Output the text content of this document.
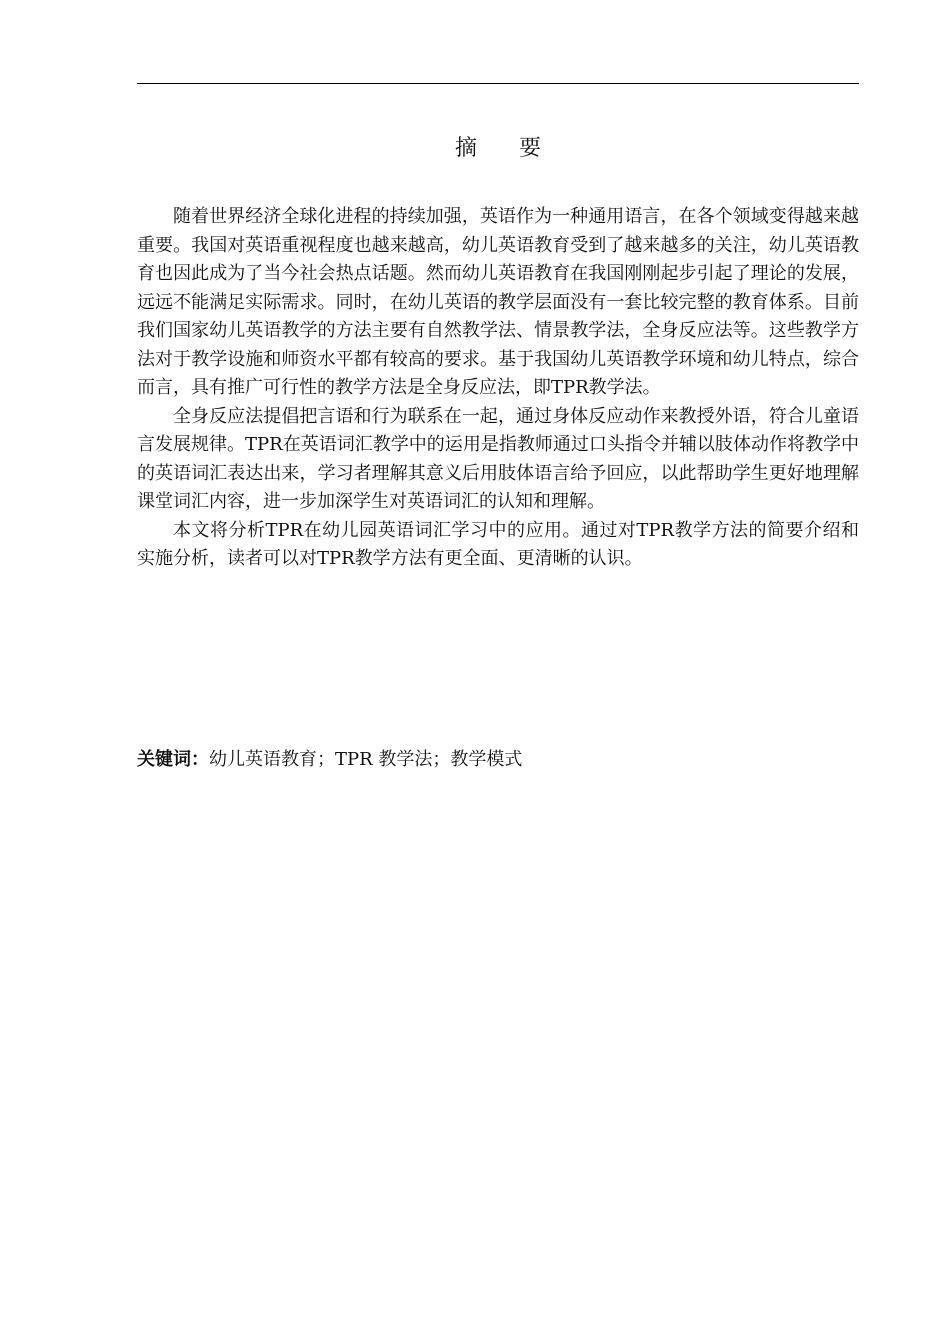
摘要

随着世界经济全球化进程的持续加强，英语作为一种通用语言，在各个领域变得越来越重要。我国对英语重视程度也越来越高，幼儿英语教育受到了越来越多的关注，幼儿英语教育也因此成为了当今社会热点话题。然而幼儿英语教育在我国刚刚起步引起了理论的发展，远远不能满足实际需求。同时，在幼儿英语的教学层面没有一套比较完整的教育体系。目前我们国家幼儿英语教学的方法主要有自然教学法、情景教学法，全身反应法等。这些教学方法对于教学设施和师资水平都有较高的要求。基于我国幼儿英语教学环境和幼儿特点，综合而言，具有推广可行性的教学方法是全身反应法，即TPR教学法。

全身反应法提倡把言语和行为联系在一起，通过身体反应动作来教授外语，符合儿童语言发展规律。TPR在英语词汇教学中的运用是指教师通过口头指令并辅以肢体动作将教学中的英语词汇表达出来，学习者理解其意义后用肢体语言给予回应，以此帮助学生更好地理解课堂词汇内容，进一步加深学生对英语词汇的认知和理解。

本文将分析TPR在幼儿园英语词汇学习中的应用。通过对TPR教学方法的简要介绍和实施分析，读者可以对TPR教学方法有更全面、更清晰的认识。

关键词：幼儿英语教育；TPR 教学法；教学模式
